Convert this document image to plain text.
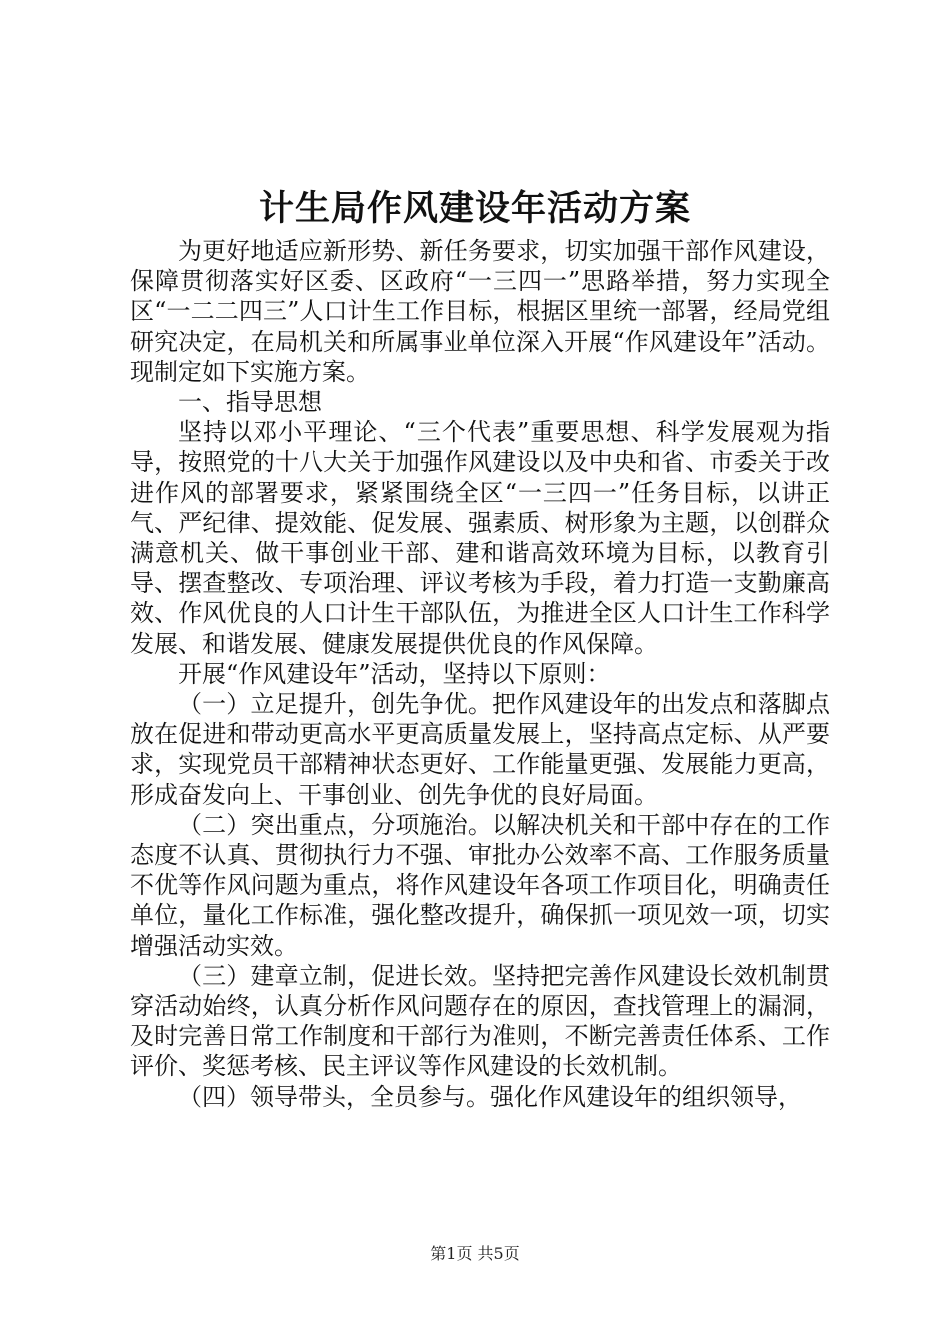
计生局作风建设年活动方案

为更好地适应新形势、新任务要求，切实加强干部作风建设，保障贯彻落实好区委、区政府“一三四一”思路举措，努力实现全区“一二二四三”人口计生工作目标，根据区里统一部署，经局党组研究决定，在局机关和所属事业单位深入开展“作风建设年”活动。现制定如下实施方案。

一、指导思想

坚持以邓小平理论、“三个代表”重要思想、科学发展观为指导，按照党的十八大关于加强作风建设以及中央和省、市委关于改进作风的部署要求，紧紧围绕全区“一三四一”任务目标，以讲正气、严纪律、提效能、促发展、强素质、树形象为主题，以创群众满意机关、做干事创业干部、建和谐高效环境为目标，以教育引导、摆查整改、专项治理、评议考核为手段，着力打造一支勤廉高效、作风优良的人口计生干部队伍，为推进全区人口计生工作科学发展、和谐发展、健康发展提供优良的作风保障。

开展“作风建设年”活动，坚持以下原则：

（一）立足提升，创先争优。把作风建设年的出发点和落脚点放在促进和带动更高水平更高质量发展上，坚持高点定标、从严要求，实现党员干部精神状态更好、工作能量更强、发展能力更高，形成奋发向上、干事创业、创先争优的良好局面。

（二）突出重点，分项施治。以解决机关和干部中存在的工作态度不认真、贯彻执行力不强、审批办公效率不高、工作服务质量不优等作风问题为重点，将作风建设年各项工作项目化，明确责任单位，量化工作标准，强化整改提升，确保抓一项见效一项，切实增强活动实效。

（三）建章立制，促进长效。坚持把完善作风建设长效机制贯穿活动始终，认真分析作风问题存在的原因，查找管理上的漏洞，及时完善日常工作制度和干部行为准则，不断完善责任体系、工作评价、奖惩考核、民主评议等作风建设的长效机制。

（四）领导带头，全员参与。强化作风建设年的组织领导，

第1页 共5页
